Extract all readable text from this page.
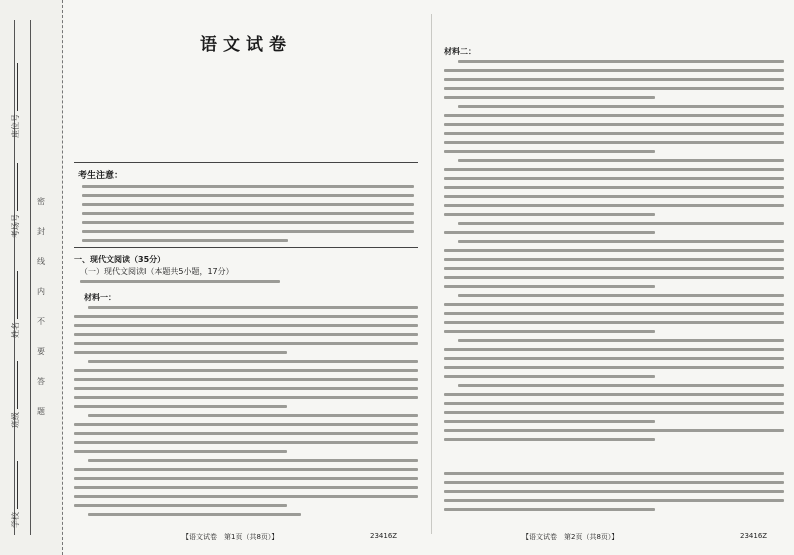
座位号
考场号
姓名
班级
学校
密
封
线
内
不
要
答
题
语文试卷
考生注意：
一、现代文阅读（35分）
（一）现代文阅读Ⅰ（本题共5小题，17分）
材料一：
【语文试卷　第1页（共8页）】	23416Z
材料二：
【语文试卷　第2页（共8页）】	23416Z
